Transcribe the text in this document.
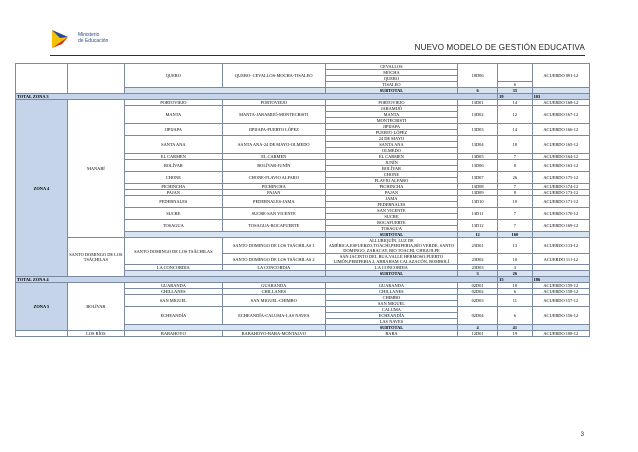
Ministerio
de Educación
NUEVO MODELO DE GESTIÓN EDUCATIVA
		QUERO	QUERO- CEVALLOS-MOCHA-TISALEO	CEVALLOS	18D06		ACUERDO 091-12
				MOCHA			
				QUERO			
				TISALEO		6	
				SUBTOTAL	6	35	
TOTAL ZONA 3						19	103
ZONA 4	MANABÍ	PORTOVIEJO	PORTOVIEJO	PORTOVIEJO	13D01	14	ACUERDO 168-12
		MANTA	MANTA-JARAMIJÓ-MONTECRISTI	JARAMIJÓ	13D02	12	ACUERDO 167-12
				MANTA			
				MONTECRISTI			
		JIPIJAPA	JIPIJAPA-PUERTO LÓPEZ	JIPIJAPA	13D03	14	ACUERDO 166-12
				PUERTO LÓPEZ			
		SANTA ANA	SANTA ANA-24 DE MAYO-OLMEDO	24 DE MAYO	13D04	18	ACUERDO 165-12
				SANTA ANA			
				OLMEDO			
		EL CARMEN	EL CARMEN	EL CARMEN	13D05	7	ACUERDO 164-12
		BOLÍVAR	BOLÍVAR-JUNÍN	JUNÍN	13D06	8	ACUERDO 163-12
				BOLÍVAR			
		CHONE	CHONE-FLAVIO ALFARO	CHONE	13D07	26	ACUERDO 175-12
				FLAVIO ALFARO			
		PICHINCHA	PICHINCHA	PICHINCHA	13D08	7	ACUERDO 174-12
		PAJAN	PAJAN	PAJAN	13D09	8	ACUERDO 173-12
		PEDERNALES	PEDERNALES-JAMA	JAMA	13D10	10	ACUERDO 171-12
				PEDERNALES			
		SUCRE	SUCRE-SAN VICENTE	SAN VICENTE	13D11	7	ACUERDO 170-12
				SUCRE			
		TOSAGUA	TOSAGUA-ROCAFUERTE	ROCAFUERTE	13D12	7	ACUERDO 169-12
				TOSAGUA			
				SUBTOTAL	12	160	
	SANTO DOMINGO DE LOS TSÁCHILAS	SANTO DOMINGO DE LOS TSÁCHILAS	SANTO DOMINGO DE LOS TSÁCHILAS 1	ALLURIQUÍN, LUZ DE AMÉRICA,ESFUERZO,TOACHI,PERIFERIA,RÍO VERDE, SANTO DOMINGO, ZARACAY, RIO TOACHI, CHIGUILPE	23D01	13	ACUERDO 113-12
			SANTO DOMINGO DE LOS TSÁCHILAS 2	SAN JACINTO DEL BUA,VALLE HERMOSO,PUERTO LIMÓN,PERIFERIA 2, ABRAHAM CALAZACÓN, BOMBOLÍ	23D02	10	ACUERDO 111-12
		LA CONCORDIA	LA CONCORDIA	LA CONCORDIA	23D03	3	
				SUBTOTAL	3	26	
TOTAL ZONA 4						15	186
ZONA 5	BOLÍVAR	GUARANDA	GUARANDA	GUARANDA	02D01	18	ACUERDO 159-12
		CHILLANES	CHILLANES	CHILLANES	02D02	6	ACUERDO 158-12
		SAN MIGUEL	SAN MIGUEL-CHIMBO	CHIMBO	02D03	11	ACUERDO 157-12
				SAN MIGUEL			
		ECHEANDÍA	ECHEANDÍA-CALUMA-LAS NAVES	CALUMA	02D04	6	ACUERDO 156-12
				ECHEANDÍA			
				LAS NAVES			
				SUBTOTAL	4	41	
	LOS RÍOS	BABAHOYO	BABAHOYO-BABA-MONTALVO	BABA	12D01	19	ACUERDO 108-12
3
